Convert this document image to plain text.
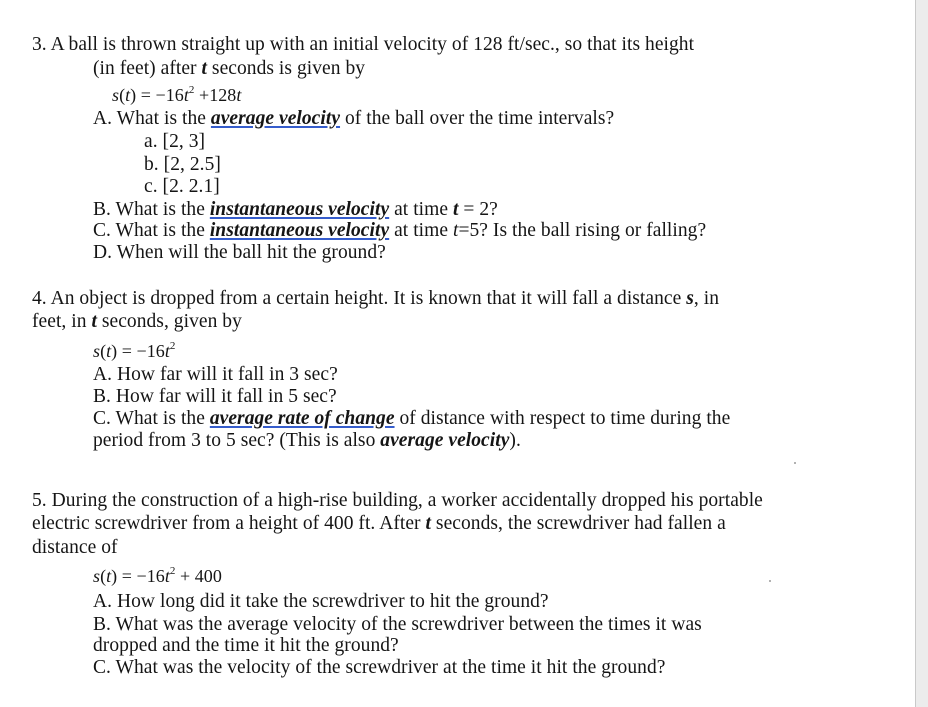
3. A ball is thrown straight up with an initial velocity of 128 ft/sec., so that its height
(in feet) after t seconds is given by
$s(t) = -16t^2 +128t$
A. What is the average velocity of the ball over the time intervals?
a. [2, 3]
b. [2, 2.5]
c. [2. 2.1]
B. What is the instantaneous velocity at time t = 2?
C. What is the instantaneous velocity at time t=5? Is the ball rising or falling?
D. When will the ball hit the ground?
4. An object is dropped from a certain height. It is known that it will fall a distance s, in
feet, in t seconds, given by
$s(t) = -16t^2$
A. How far will it fall in 3 sec?
B. How far will it fall in 5 sec?
C. What is the average rate of change of distance with respect to time during the
period from 3 to 5 sec? (This is also average velocity).
5. During the construction of a high-rise building, a worker accidentally dropped his portable
electric screwdriver from a height of 400 ft. After t seconds, the screwdriver had fallen a
distance of
$s(t) = -16t^2 + 400$
A. How long did it take the screwdriver to hit the ground?
B. What was the average velocity of the screwdriver between the times it was
dropped and the time it hit the ground?
C. What was the velocity of the screwdriver at the time it hit the ground?
